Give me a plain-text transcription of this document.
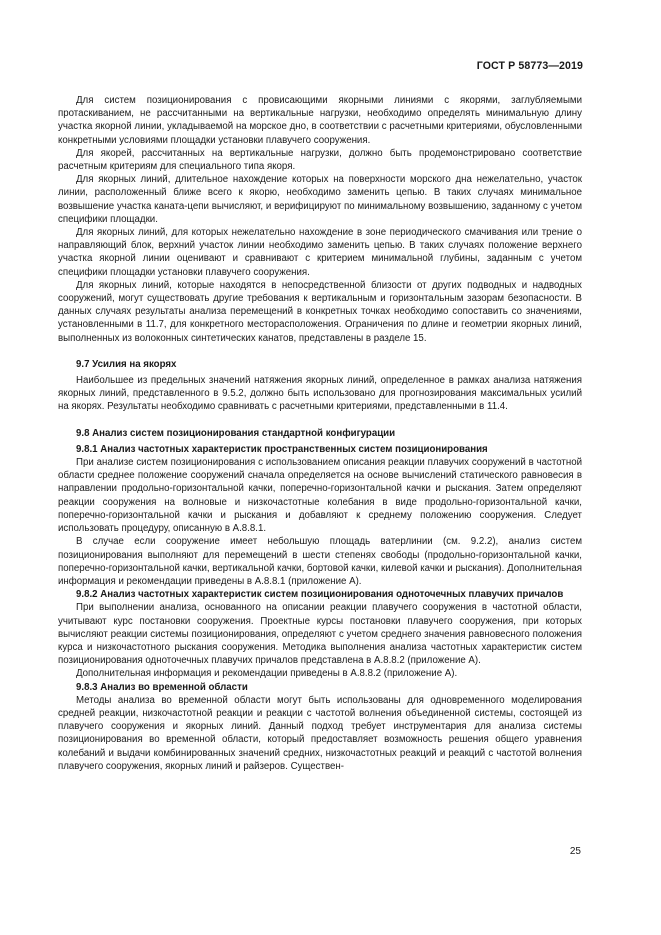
ГОСТ Р 58773—2019

Для систем позиционирования с провисающими якорными линиями с якорями, заглубляемыми протаскиванием, не рассчитанными на вертикальные нагрузки, необходимо определять минимальную длину участка якорной линии, укладываемой на морское дно, в соответствии с расчетными критериями, обусловленными конкретными условиями площадки установки плавучего сооружения.

Для якорей, рассчитанных на вертикальные нагрузки, должно быть продемонстрировано соответствие расчетным критериям для специального типа якоря.

Для якорных линий, длительное нахождение которых на поверхности морского дна нежелательно, участок линии, расположенный ближе всего к якорю, необходимо заменить цепью. В таких случаях минимальное возвышение участка каната-цепи вычисляют, и верифицируют по минимальному возвышению, заданному с учетом специфики площадки.

Для якорных линий, для которых нежелательно нахождение в зоне периодического смачивания или трение о направляющий блок, верхний участок линии необходимо заменить цепью. В таких случаях положение верхнего участка якорной линии оценивают и сравнивают с критерием минимальной глубины, заданным с учетом специфики площадки установки плавучего сооружения.

Для якорных линий, которые находятся в непосредственной близости от других подводных и надводных сооружений, могут существовать другие требования к вертикальным и горизонтальным зазорам безопасности. В данных случаях результаты анализа перемещений в конкретных точках необходимо сопоставить со значениями, установленными в 11.7, для конкретного месторасположения. Ограничения по длине и геометрии якорных линий, выполненных из волоконных синтетических канатов, представлены в разделе 15.

9.7 Усилия на якорях

Наибольшее из предельных значений натяжения якорных линий, определенное в рамках анализа натяжения якорных линий, представленного в 9.5.2, должно быть использовано для прогнозирования максимальных усилий на якорях. Результаты необходимо сравнивать с расчетными критериями, представленными в 11.4.

9.8 Анализ систем позиционирования стандартной конфигурации
9.8.1 Анализ частотных характеристик пространственных систем позиционирования

При анализе систем позиционирования с использованием описания реакции плавучих сооружений в частотной области среднее положение сооружений сначала определяется на основе вычислений статического равновесия в направлении продольно-горизонтальной качки, поперечно-горизонтальной качки и рыскания. Затем определяют реакции сооружения на волновые и низкочастотные колебания в виде продольно-горизонтальной качки, поперечно-горизонтальной качки и рыскания и добавляют к среднему положению сооружения. Следует использовать процедуру, описанную в А.8.8.1.

В случае если сооружение имеет небольшую площадь ватерлинии (см. 9.2.2), анализ систем позиционирования выполняют для перемещений в шести степенях свободы (продольно-горизонтальной качки, поперечно-горизонтальной качки, вертикальной качки, бортовой качки, килевой качки и рыскания). Дополнительная информация и рекомендации приведены в А.8.8.1 (приложение А).

9.8.2 Анализ частотных характеристик систем позиционирования одноточечных плавучих причалов

При выполнении анализа, основанного на описании реакции плавучего сооружения в частотной области, учитывают курс постановки сооружения. Проектные курсы постановки плавучего сооружения, при которых вычисляют реакции системы позиционирования, определяют с учетом среднего значения равновесного положения курса и низкочастотного рыскания сооружения. Методика выполнения анализа частотных характеристик систем позиционирования одноточечных плавучих причалов представлена в А.8.8.2 (приложение А).

Дополнительная информация и рекомендации приведены в А.8.8.2 (приложение А).

9.8.3 Анализ во временной области

Методы анализа во временной области могут быть использованы для одновременного моделирования средней реакции, низкочастотной реакции и реакции с частотой волнения объединенной системы, состоящей из плавучего сооружения и якорных линий. Данный подход требует инструментария для анализа системы позиционирования во временной области, который предоставляет возможность решения общего уравнения колебаний и выдачи комбинированных значений средних, низкочастотных реакций и реакций с частотой волнения плавучего сооружения, якорных линий и райзеров. Существен-

25
